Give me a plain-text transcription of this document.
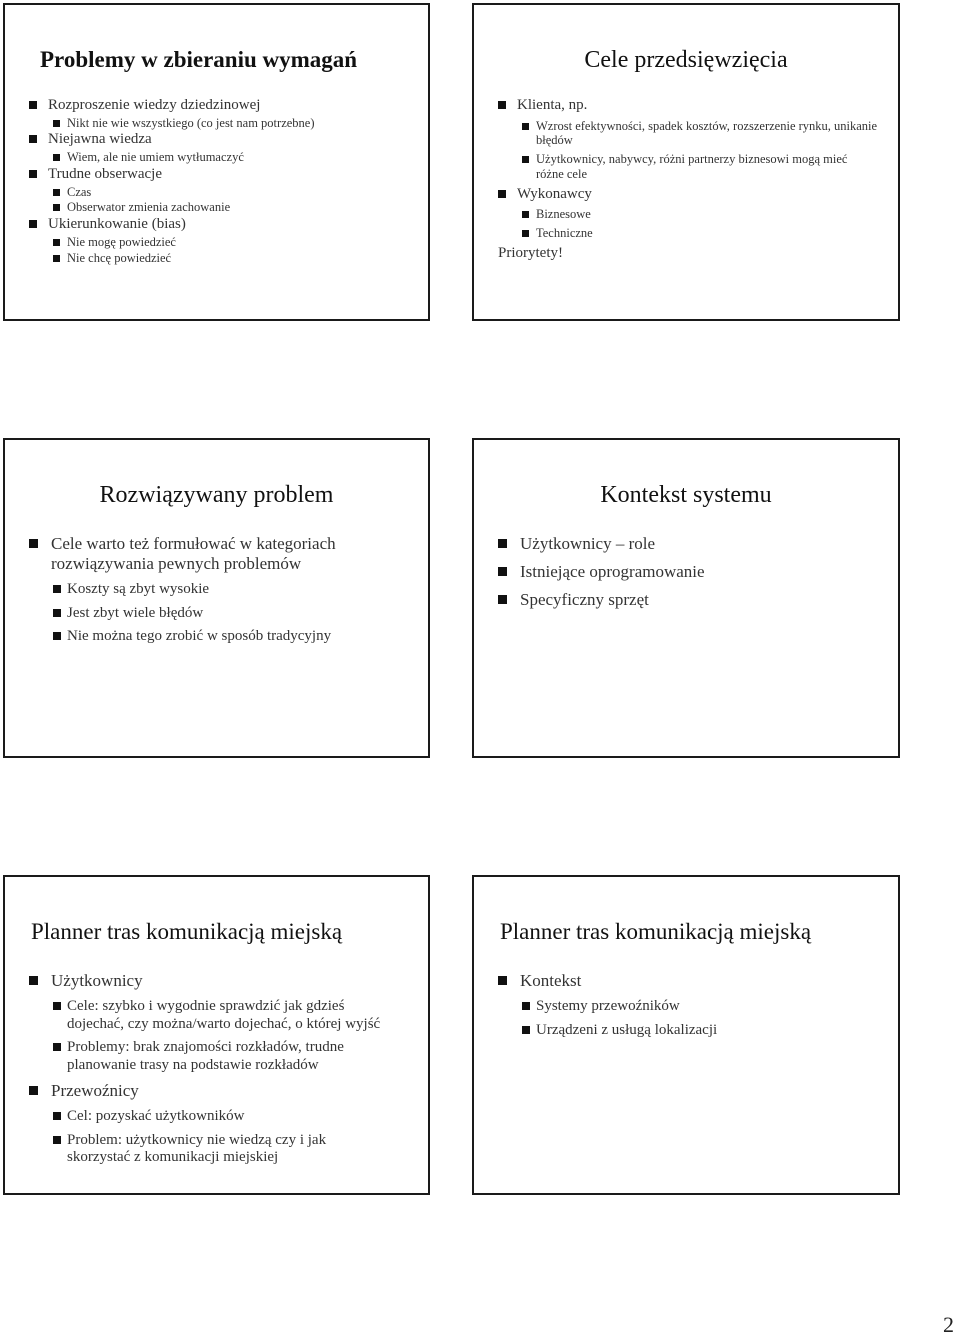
Problemy w zbieraniu wymagań
Rozproszenie wiedzy dziedzinowej
Nikt nie wie wszystkiego (co jest nam potrzebne)
Niejawna wiedza
Wiem, ale nie umiem wytłumaczyć
Trudne obserwacje
Czas
Obserwator zmienia zachowanie
Ukierunkowanie (bias)
Nie mogę powiedzieć
Nie chcę powiedzieć
Cele przedsięwzięcia
Klienta, np.
Wzrost efektywności, spadek kosztów, rozszerzenie rynku, unikanie błędów
Użytkownicy, nabywcy, różni partnerzy biznesowi mogą mieć różne cele
Wykonawcy
Biznesowe
Techniczne
Priorytety!
Rozwiązywany problem
Cele warto też formułować w kategoriach rozwiązywania pewnych problemów
Koszty są zbyt wysokie
Jest zbyt wiele błędów
Nie można tego zrobić w sposób tradycyjny
Kontekst systemu
Użytkownicy – role
Istniejące oprogramowanie
Specyficzny sprzęt
Planner tras komunikacją miejską
Użytkownicy
Cele: szybko i wygodnie sprawdzić jak gdzieś dojechać, czy można/warto dojechać, o której wyjść
Problemy: brak znajomości rozkładów, trudne planowanie trasy na podstawie rozkładów
Przewoźnicy
Cel: pozyskać użytkowników
Problem: użytkownicy nie wiedzą czy i jak skorzystać z komunikacji miejskiej
Planner tras komunikacją miejską
Kontekst
Systemy przewoźników
Urządzeni z usługą lokalizacji
2
